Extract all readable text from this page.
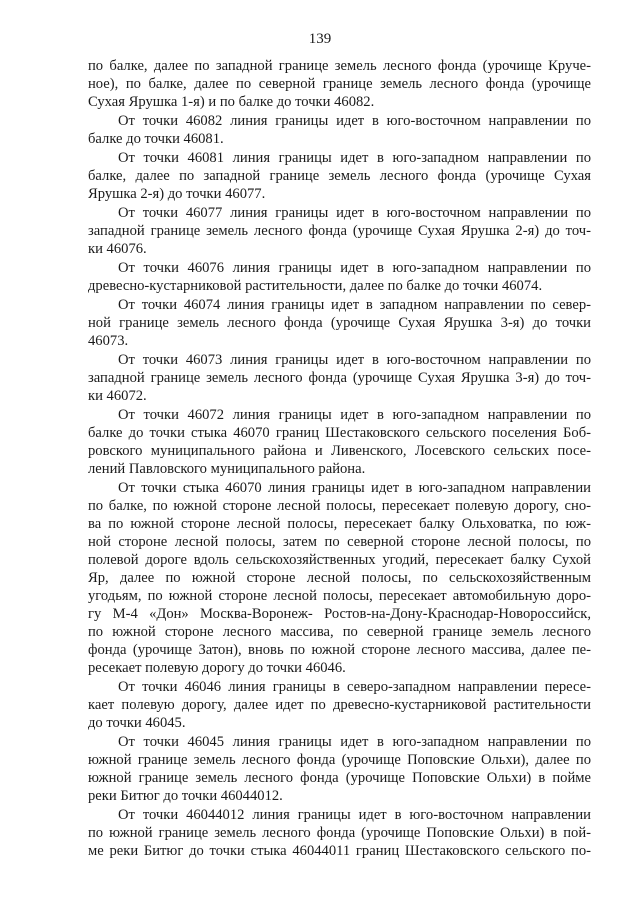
139
по балке, далее по западной границе земель лесного фонда (урочище Круче-
ное), по балке, далее по северной границе земель лесного фонда (урочище
Сухая Ярушка 1-я) и по балке до точки 46082.
От точки 46082 линия границы идет в юго-восточном направлении по
балке до точки 46081.
От точки 46081 линия границы идет в юго-западном направлении по
балке, далее по западной границе земель лесного фонда (урочище Сухая
Ярушка 2-я) до точки 46077.
От точки 46077 линия границы идет в юго-восточном направлении по
западной границе земель лесного фонда (урочище Сухая Ярушка 2-я) до точ-
ки 46076.
От точки 46076 линия границы идет в юго-западном направлении по
древесно-кустарниковой растительности, далее по балке до точки 46074.
От точки 46074 линия границы идет в западном направлении по север-
ной границе земель лесного фонда (урочище Сухая Ярушка 3-я) до точки
46073.
От точки 46073 линия границы идет в юго-восточном направлении по
западной границе земель лесного фонда (урочище Сухая Ярушка 3-я) до точ-
ки 46072.
От точки 46072 линия границы идет в юго-западном направлении по
балке до точки стыка 46070 границ Шестаковского сельского поселения Боб-
ровского муниципального района и Ливенского, Лосевского сельских посе-
лений Павловского муниципального района.
От точки стыка 46070 линия границы идет в юго-западном направлении
по балке, по южной стороне лесной полосы, пересекает полевую дорогу, сно-
ва по южной стороне лесной полосы, пересекает балку Ольховатка, по юж-
ной стороне лесной полосы, затем по северной стороне лесной полосы, по
полевой дороге вдоль сельскохозяйственных угодий, пересекает балку Сухой
Яр, далее по южной стороне лесной полосы, по сельскохозяйственным
угодьям, по южной стороне лесной полосы, пересекает автомобильную доро-
гу М-4 «Дон» Москва-Воронеж- Ростов-на-Дону-Краснодар-Новороссийск,
по южной стороне лесного массива, по северной границе земель лесного
фонда (урочище Затон), вновь по южной стороне лесного массива, далее пе-
ресекает полевую дорогу до точки 46046.
От точки 46046 линия границы в северо-западном направлении пересе-
кает полевую дорогу, далее идет по древесно-кустарниковой растительности
до точки 46045.
От точки 46045 линия границы идет в юго-западном направлении по
южной границе земель лесного фонда (урочище Поповские Ольхи), далее по
южной границе земель лесного фонда (урочище Поповские Ольхи) в пойме
реки Битюг до точки 46044012.
От точки 46044012 линия границы идет в юго-восточном направлении
по южной границе земель лесного фонда (урочище Поповские Ольхи) в пой-
ме реки Битюг до точки стыка 46044011 границ Шестаковского сельского по-
